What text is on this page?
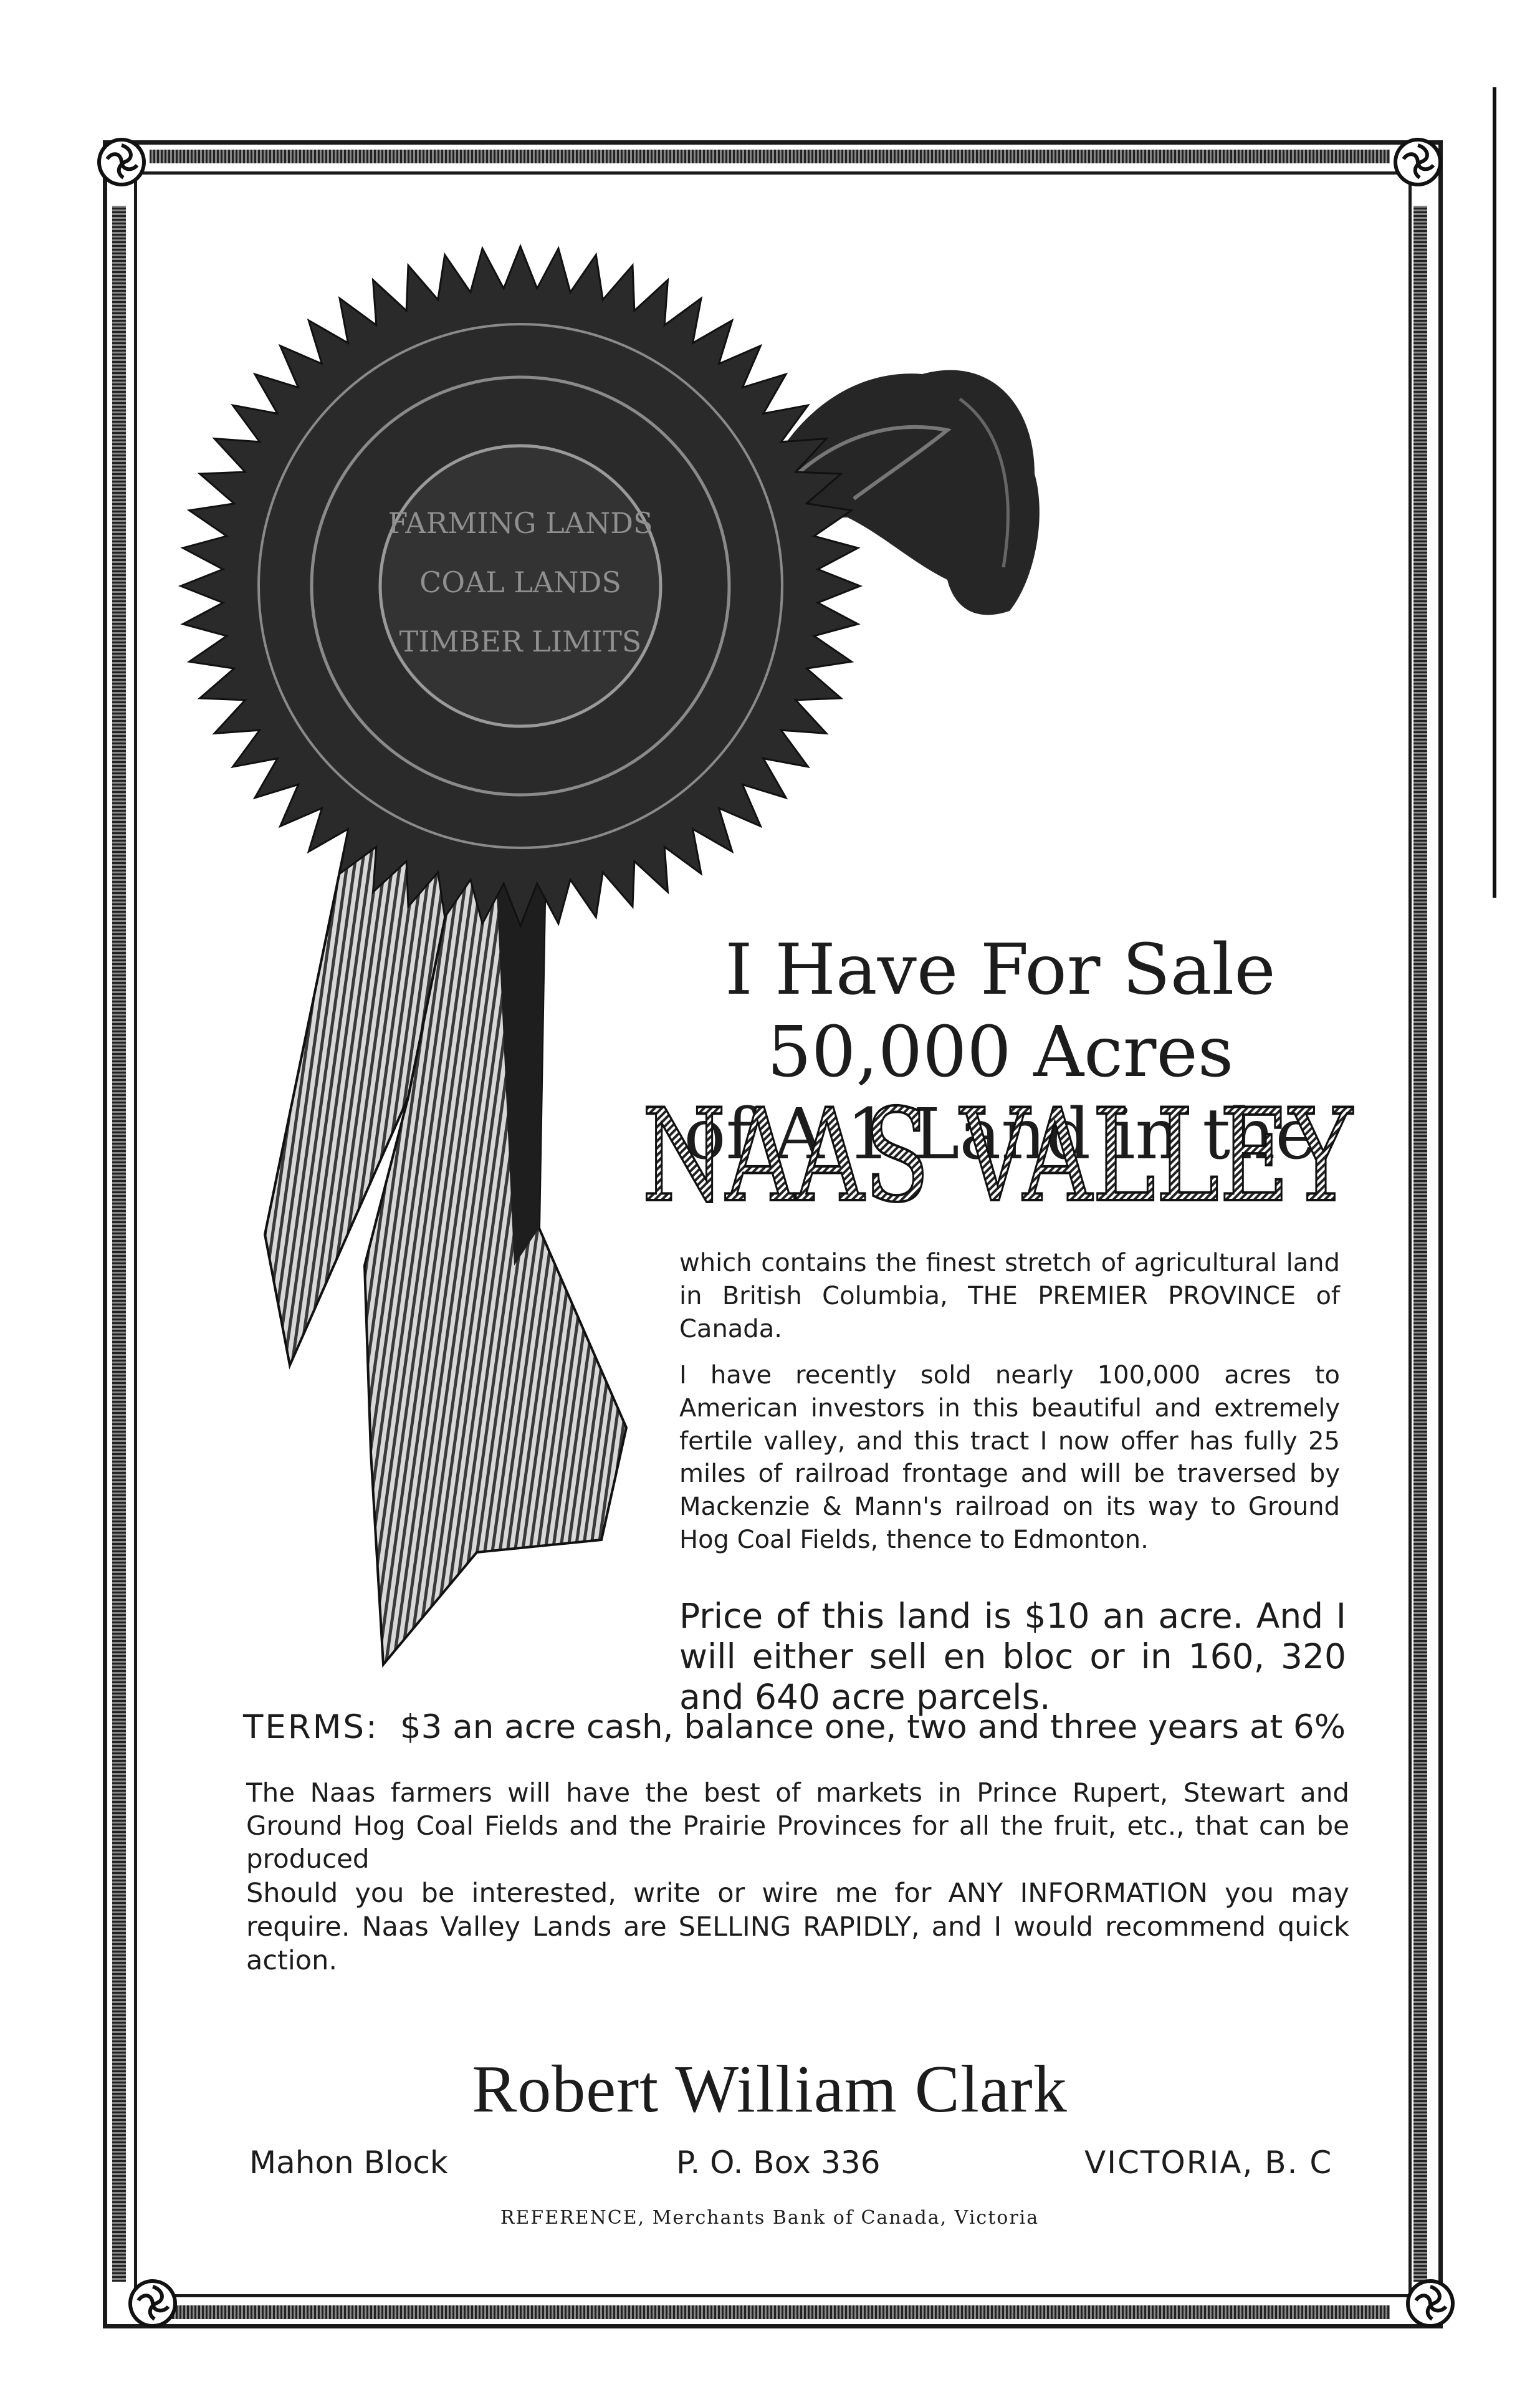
FARMING LANDS
COAL LANDS
TIMBER LIMITS
I Have For Sale 50,000 Acres
of A 1 Land in the
NAAS VALLEY
which contains the finest stretch of agricultural land in British Columbia, THE PREMIER PROVINCE of Canada.
I have recently sold nearly 100,000 acres to American investors in this beautiful and extremely fertile valley, and this tract I now offer has fully 25 miles of railroad frontage and will be traversed by Mackenzie & Mann's railroad on its way to Ground Hog Coal Fields, thence to Edmonton.
Price of this land is $10 an acre. And I will either sell en bloc or in 160, 320 and 640 acre parcels.
TERMS: $3 an acre cash, balance one, two and three years at 6%
The Naas farmers will have the best of markets in Prince Rupert, Stewart and Ground Hog Coal Fields and the Prairie Provinces for all the fruit, etc., that can be produced
Should you be interested, write or wire me for ANY INFORMATION you may require. Naas Valley Lands are SELLING RAPIDLY, and I would recommend quick action.
Robert William Clark
Mahon Block	P. O. Box 336	VICTORIA, B. C
REFERENCE, Merchants Bank of Canada, Victoria
